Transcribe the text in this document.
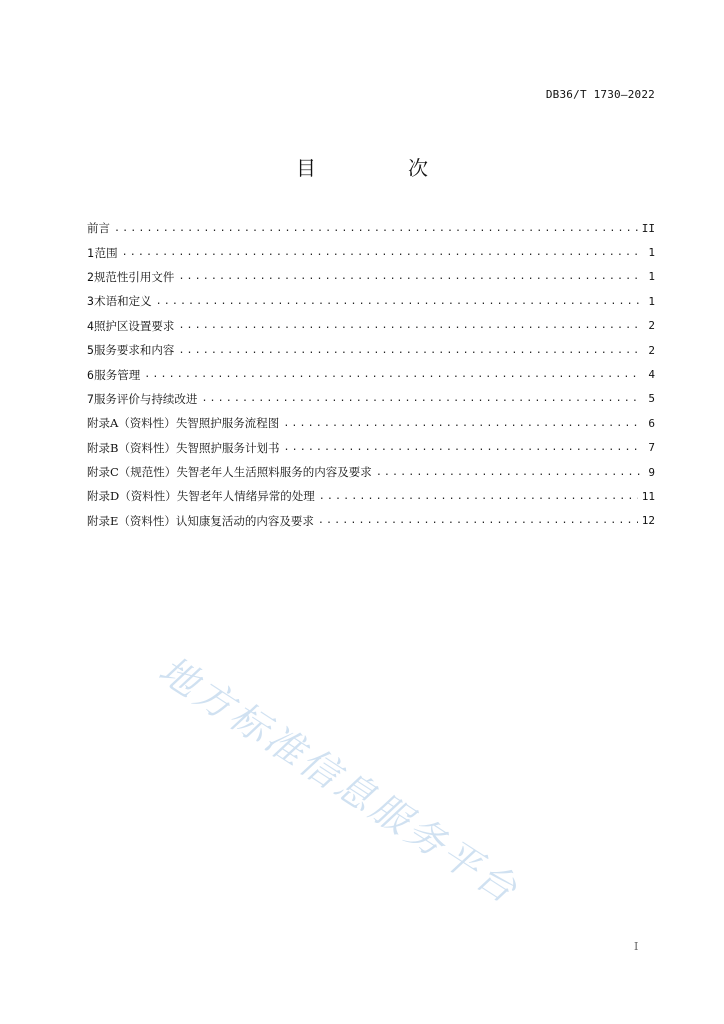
DB36/T 1730—2022
目　次
前言 .....	II
1 范围 .....	1
2 规范性引用文件 .....	1
3 术语和定义 .....	1
4 照护区设置要求 .....	2
5 服务要求和内容 .....	2
6 服务管理 .....	4
7 服务评价与持续改进 .....	5
附录A（资料性） 失智照护服务流程图 .....	6
附录B（资料性） 失智照护服务计划书 .....	7
附录C（规范性） 失智老年人生活照料服务的内容及要求 .....	9
附录D（资料性） 失智老年人情绪异常的处理 .....	11
附录E（资料性） 认知康复活动的内容及要求 .....	12
地方标准信息服务平台
I
